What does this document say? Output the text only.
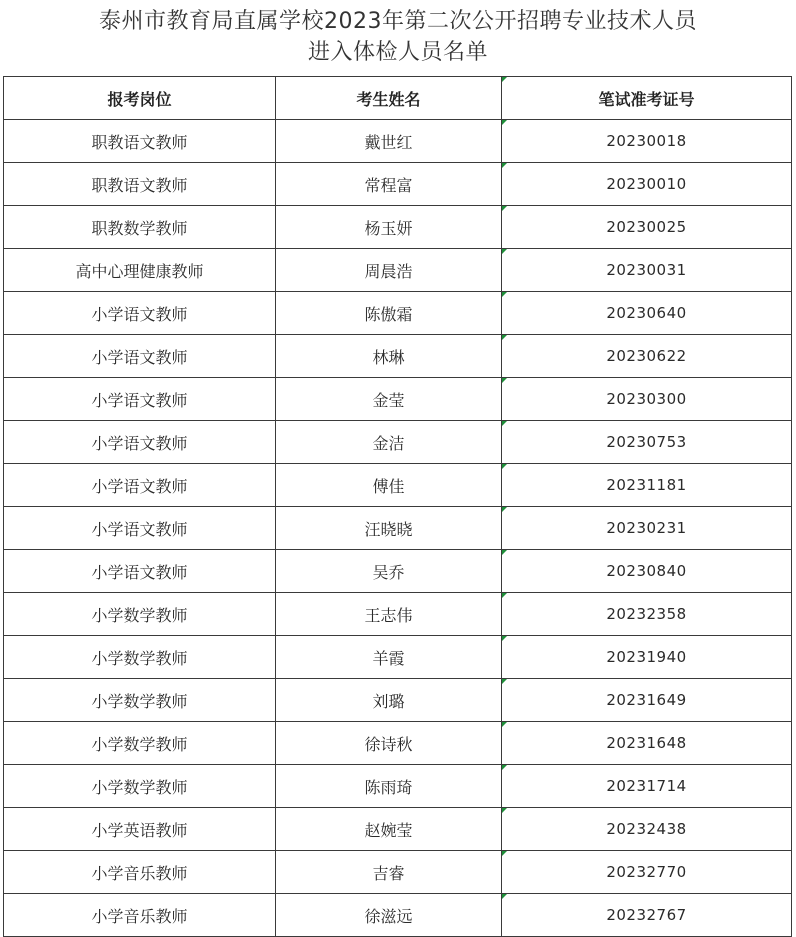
泰州市教育局直属学校2023年第二次公开招聘专业技术人员
进入体检人员名单
报考岗位	考生姓名	笔试准考证号
职教语文教师	戴世红	20230018
职教语文教师	常程富	20230010
职教数学教师	杨玉妍	20230025
高中心理健康教师	周晨浩	20230031
小学语文教师	陈傲霜	20230640
小学语文教师	林琳	20230622
小学语文教师	金莹	20230300
小学语文教师	金洁	20230753
小学语文教师	傅佳	20231181
小学语文教师	汪晓晓	20230231
小学语文教师	吴乔	20230840
小学数学教师	王志伟	20232358
小学数学教师	羊霞	20231940
小学数学教师	刘璐	20231649
小学数学教师	徐诗秋	20231648
小学数学教师	陈雨琦	20231714
小学英语教师	赵婉莹	20232438
小学音乐教师	吉睿	20232770
小学音乐教师	徐滋远	20232767
